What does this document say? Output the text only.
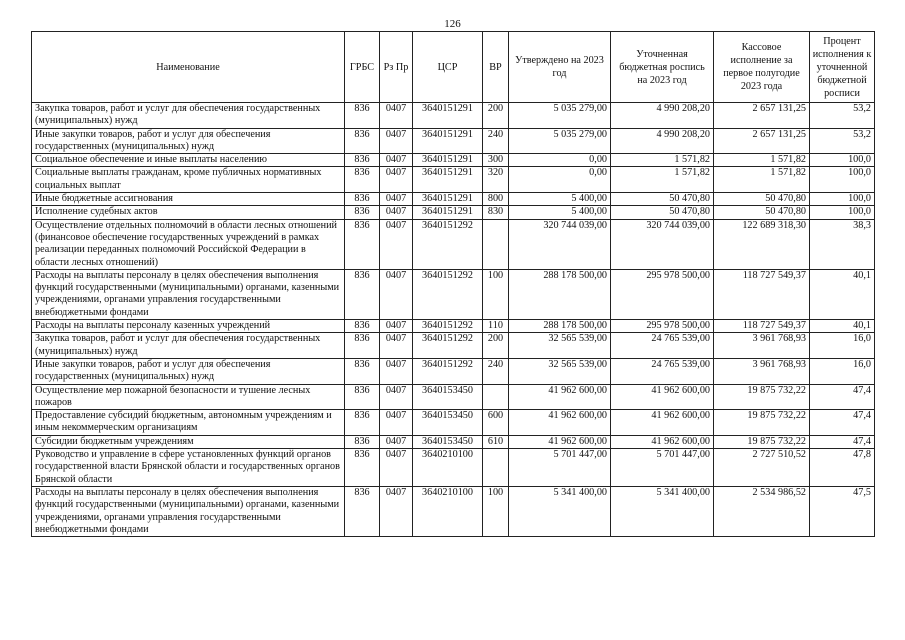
126
Наименование	ГРБС	Рз Пр	ЦСР	ВР	Утверждено на 2023 год	Уточненная бюджетная роспись на 2023 год	Кассовое исполнение за первое полугодие 2023 года	Процент исполнения к уточненной бюджетной росписи
Закупка товаров, работ и услуг для обеспечения государственных (муниципальных) нужд	836	0407	3640151291	200	5 035 279,00	4 990 208,20	2 657 131,25	53,2
Иные закупки товаров, работ и услуг для обеспечения государственных (муниципальных) нужд	836	0407	3640151291	240	5 035 279,00	4 990 208,20	2 657 131,25	53,2
Социальное обеспечение и иные выплаты населению	836	0407	3640151291	300	0,00	1 571,82	1 571,82	100,0
Социальные выплаты гражданам, кроме публичных нормативных социальных выплат	836	0407	3640151291	320	0,00	1 571,82	1 571,82	100,0
Иные бюджетные ассигнования	836	0407	3640151291	800	5 400,00	50 470,80	50 470,80	100,0
Исполнение судебных актов	836	0407	3640151291	830	5 400,00	50 470,80	50 470,80	100,0
Осуществление отдельных полномочий в области лесных отношений (финансовое обеспечение государственных учреждений в рамках реализации переданных полномочий Российской Федерации в области лесных отношений)	836	0407	3640151292		320 744 039,00	320 744 039,00	122 689 318,30	38,3
Расходы на выплаты персоналу в целях обеспечения выполнения функций государственными (муниципальными) органами, казенными учреждениями, органами управления государственными внебюджетными фондами	836	0407	3640151292	100	288 178 500,00	295 978 500,00	118 727 549,37	40,1
Расходы на выплаты персоналу казенных учреждений	836	0407	3640151292	110	288 178 500,00	295 978 500,00	118 727 549,37	40,1
Закупка товаров, работ и услуг для обеспечения государственных (муниципальных) нужд	836	0407	3640151292	200	32 565 539,00	24 765 539,00	3 961 768,93	16,0
Иные закупки товаров, работ и услуг для обеспечения государственных (муниципальных) нужд	836	0407	3640151292	240	32 565 539,00	24 765 539,00	3 961 768,93	16,0
Осуществление мер пожарной безопасности и тушение лесных пожаров	836	0407	3640153450		41 962 600,00	41 962 600,00	19 875 732,22	47,4
Предоставление субсидий бюджетным, автономным учреждениям и иным некоммерческим организациям	836	0407	3640153450	600	41 962 600,00	41 962 600,00	19 875 732,22	47,4
Субсидии бюджетным учреждениям	836	0407	3640153450	610	41 962 600,00	41 962 600,00	19 875 732,22	47,4
Руководство и управление в сфере установленных функций органов государственной власти Брянской области и государственных органов Брянской области	836	0407	3640210100		5 701 447,00	5 701 447,00	2 727 510,52	47,8
Расходы на выплаты персоналу в целях обеспечения выполнения функций государственными (муниципальными) органами, казенными учреждениями, органами управления государственными внебюджетными фондами	836	0407	3640210100	100	5 341 400,00	5 341 400,00	2 534 986,52	47,5
